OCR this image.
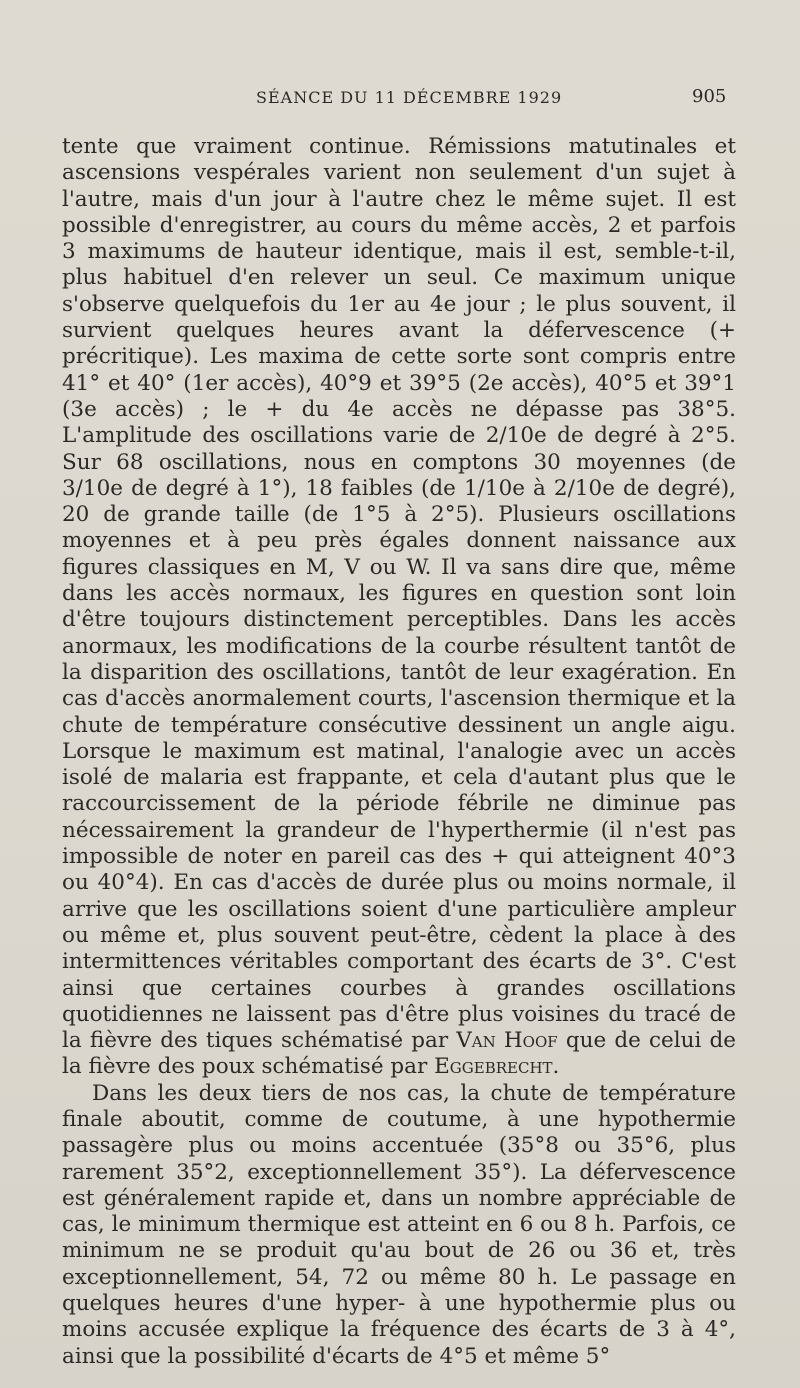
SÉANCE DU 11 DÉCEMBRE 1929	905

tente que vraiment continue. Rémissions matutinales et ascensions vespérales varient non seulement d'un sujet à l'autre, mais d'un jour à l'autre chez le même sujet. Il est possible d'enregistrer, au cours du même accès, 2 et parfois 3 maximums de hauteur identique, mais il est, semble-t-il, plus habituel d'en relever un seul. Ce maximum unique s'observe quelquefois du 1er au 4e jour ; le plus souvent, il survient quelques heures avant la défervescence (+ précritique). Les maxima de cette sorte sont compris entre 41° et 40° (1er accès), 40°9 et 39°5 (2e accès), 40°5 et 39°1 (3e accès) ; le + du 4e accès ne dépasse pas 38°5. L'amplitude des oscillations varie de 2/10e de degré à 2°5. Sur 68 oscillations, nous en comptons 30 moyennes (de 3/10e de degré à 1°), 18 faibles (de 1/10e à 2/10e de degré), 20 de grande taille (de 1°5 à 2°5). Plusieurs oscillations moyennes et à peu près égales donnent naissance aux figures classiques en M, V ou W. Il va sans dire que, même dans les accès normaux, les figures en question sont loin d'être toujours distinctement perceptibles. Dans les accès anormaux, les modifications de la courbe résultent tantôt de la disparition des oscillations, tantôt de leur exagération. En cas d'accès anormalement courts, l'ascension thermique et la chute de température consécutive dessinent un angle aigu. Lorsque le maximum est matinal, l'analogie avec un accès isolé de malaria est frappante, et cela d'autant plus que le raccourcissement de la période fébrile ne diminue pas nécessairement la grandeur de l'hyperthermie (il n'est pas impossible de noter en pareil cas des + qui atteignent 40°3 ou 40°4). En cas d'accès de durée plus ou moins normale, il arrive que les oscillations soient d'une particulière ampleur ou même et, plus souvent peut-être, cèdent la place à des intermittences véritables comportant des écarts de 3°. C'est ainsi que certaines courbes à grandes oscillations quotidiennes ne laissent pas d'être plus voisines du tracé de la fièvre des tiques schématisé par Van Hoof que de celui de la fièvre des poux schématisé par Eggebrecht.

Dans les deux tiers de nos cas, la chute de température finale aboutit, comme de coutume, à une hypothermie passagère plus ou moins accentuée (35°8 ou 35°6, plus rarement 35°2, exceptionnellement 35°). La défervescence est généralement rapide et, dans un nombre appréciable de cas, le minimum thermique est atteint en 6 ou 8 h. Parfois, ce minimum ne se produit qu'au bout de 26 ou 36 et, très exceptionnellement, 54, 72 ou même 80 h. Le passage en quelques heures d'une hyper- à une hypothermie plus ou moins accusée explique la fréquence des écarts de 3 à 4°, ainsi que la possibilité d'écarts de 4°5 et même 5°
